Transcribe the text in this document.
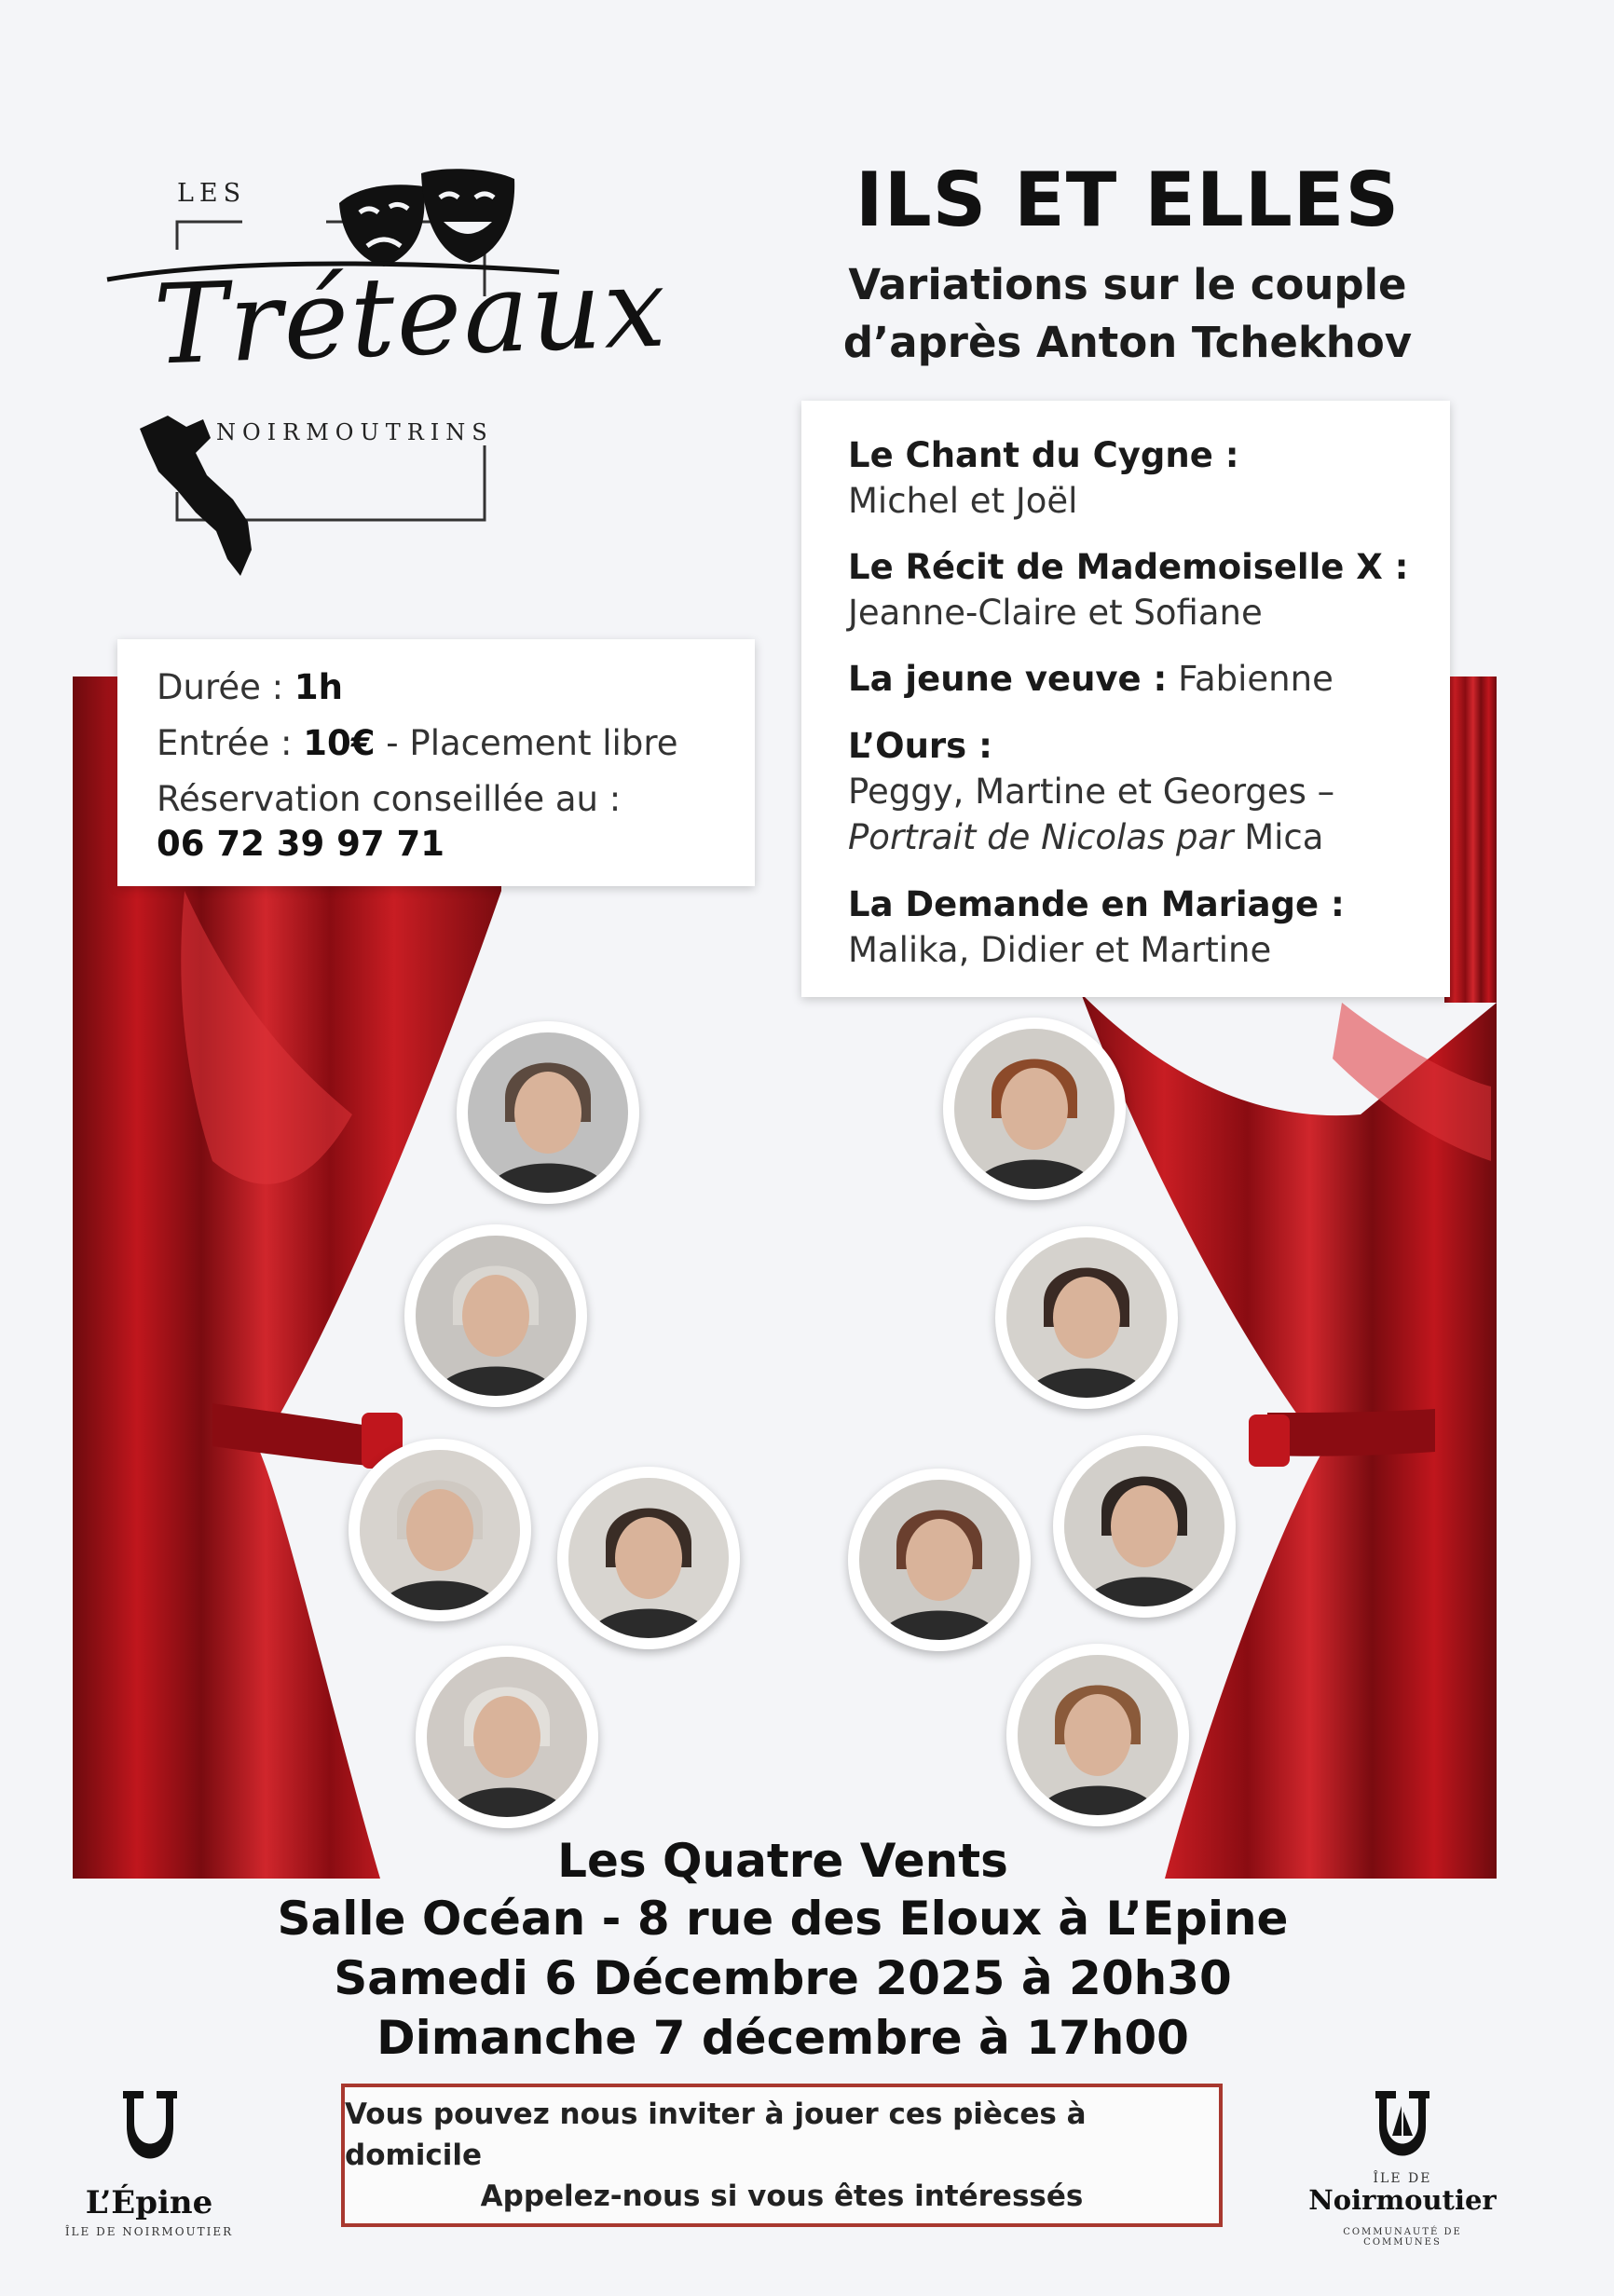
LES
Tréteaux
NOIRMOUTRINS
ILS ET ELLES
Variations sur le couple
d’après Anton Tchekhov
Durée : 1h
Entrée : 10€ - Placement libre
Réservation conseillée au :
06 72 39 97 71
Le Chant du Cygne :
Michel et Joël
Le Récit de Mademoiselle X :
Jeanne-Claire et Sofiane
La jeune veuve : Fabienne
L’Ours :
Peggy, Martine et Georges –
Portrait de Nicolas par Mica
La Demande en Mariage :
Malika, Didier et Martine
Les Quatre Vents
Salle Océan - 8 rue des Eloux à L’Epine
Samedi 6 Décembre 2025 à 20h30
Dimanche 7 décembre à 17h00
Vous pouvez nous inviter à jouer ces pièces à domicile
Appelez-nous si vous êtes intéressés
L’Épine
ÎLE DE NOIRMOUTIER
ÎLE DE
Noirmoutier
COMMUNAUTÉ DE COMMUNES
